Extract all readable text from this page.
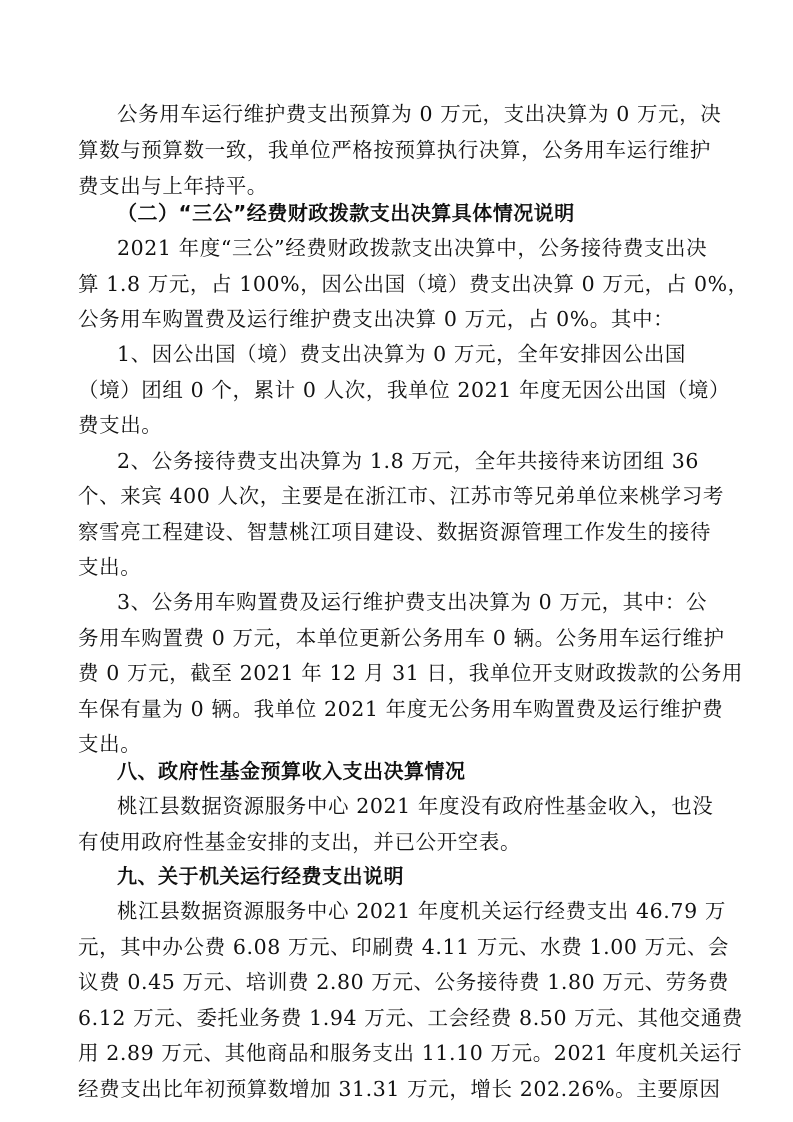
公务用车运行维护费支出预算为 0 万元，支出决算为 0 万元，决
算数与预算数一致，我单位严格按预算执行决算，公务用车运行维护
费支出与上年持平。
（二）“三公”经费财政拨款支出决算具体情况说明
2021 年度“三公”经费财政拨款支出决算中，公务接待费支出决
算 1.8 万元，占 100%，因公出国（境）费支出决算 0 万元，占 0%，
公务用车购置费及运行维护费支出决算 0 万元，占 0%。其中：
1、因公出国（境）费支出决算为 0 万元，全年安排因公出国
（境）团组 0 个，累计 0 人次，我单位 2021 年度无因公出国（境）
费支出。
2、公务接待费支出决算为 1.8 万元，全年共接待来访团组 36
个、来宾 400 人次，主要是在浙江市、江苏市等兄弟单位来桃学习考
察雪亮工程建设、智慧桃江项目建设、数据资源管理工作发生的接待
支出。
3、公务用车购置费及运行维护费支出决算为 0 万元，其中：公
务用车购置费 0 万元，本单位更新公务用车 0 辆。公务用车运行维护
费 0 万元，截至 2021 年 12 月 31 日，我单位开支财政拨款的公务用
车保有量为 0 辆。我单位 2021 年度无公务用车购置费及运行维护费
支出。
八、政府性基金预算收入支出决算情况
桃江县数据资源服务中心 2021 年度没有政府性基金收入，也没
有使用政府性基金安排的支出，并已公开空表。
九、关于机关运行经费支出说明
桃江县数据资源服务中心 2021 年度机关运行经费支出 46.79 万
元，其中办公费 6.08 万元、印刷费 4.11 万元、水费 1.00 万元、会
议费 0.45 万元、培训费 2.80 万元、公务接待费 1.80 万元、劳务费
6.12 万元、委托业务费 1.94 万元、工会经费 8.50 万元、其他交通费
用 2.89 万元、其他商品和服务支出 11.10 万元。2021 年度机关运行
经费支出比年初预算数增加 31.31 万元，增长 202.26%。主要原因
